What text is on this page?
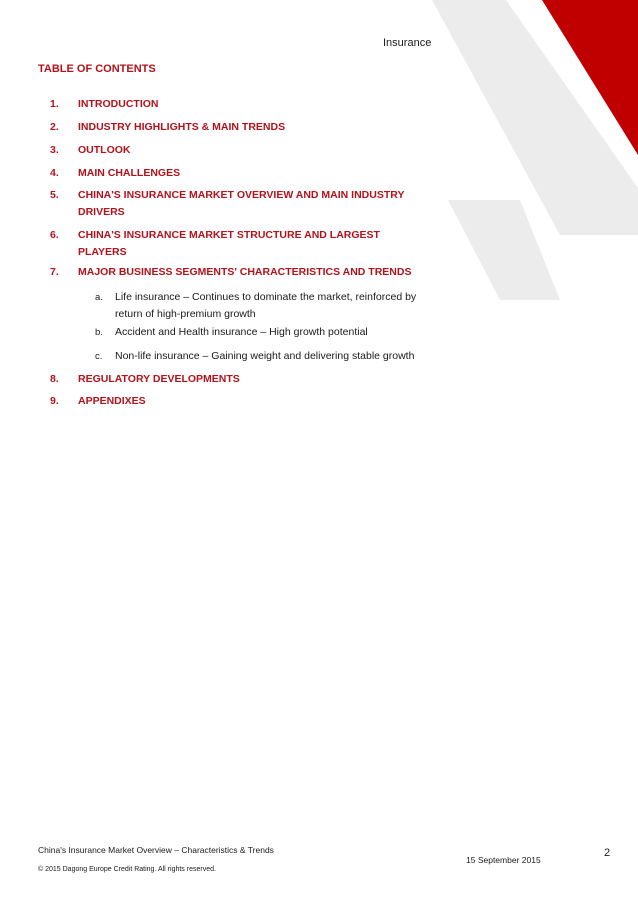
Insurance
TABLE OF CONTENTS
1. INTRODUCTION
2. INDUSTRY HIGHLIGHTS & MAIN TRENDS
3. OUTLOOK
4. MAIN CHALLENGES
5. CHINA'S INSURANCE MARKET OVERVIEW AND MAIN INDUSTRY DRIVERS
6. CHINA'S INSURANCE MARKET STRUCTURE AND LARGEST PLAYERS
7. MAJOR BUSINESS SEGMENTS' CHARACTERISTICS AND TRENDS
a. Life insurance – Continues to dominate the market, reinforced by return of high-premium growth
b. Accident and Health insurance – High growth potential
c. Non-life insurance – Gaining weight and delivering stable growth
8. REGULATORY DEVELOPMENTS
9. APPENDIXES
China's Insurance Market Overview – Characteristics & Trends
© 2015 Dagong Europe Credit Rating. All rights reserved.
15 September 2015
2
